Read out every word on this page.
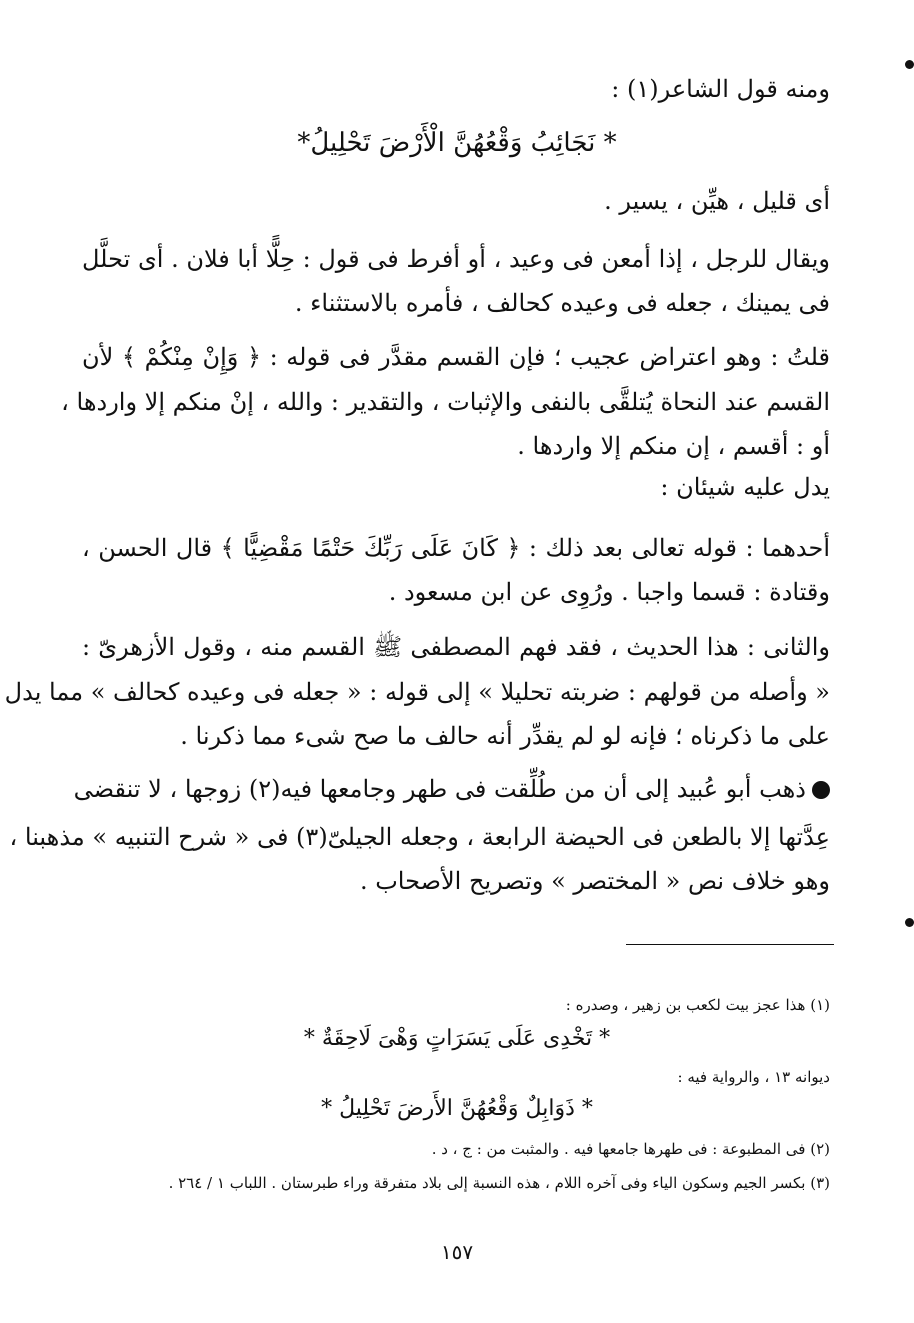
ومنه قول الشاعر(١) :
* نَجَائِبُ وَقْعُهُنَّ الْأَرْضَ تَحْلِيلُ*
أى قليل ، هيِّن ، يسير .
ويقال للرجل ، إذا أمعن فى وعيد ، أو أفرط فى قول : حِلًّا أبا فلان . أى تحلَّل
فى يمينك ، جعله فى وعيده كحالف ، فأمره بالاستثناء .
قلتُ : وهو اعتراض عجيب ؛ فإن القسم مقدَّر فى قوله : ﴿ وَإِنْ مِنْكُمْ ﴾ لأن
القسم عند النحاة يُتلقَّى بالنفى والإثبات ، والتقدير : والله ، إنْ منكم إلا واردها ،
أو : أقسم ، إن منكم إلا واردها .
يدل عليه شيئان :
أحدهما : قوله تعالى بعد ذلك : ﴿ كَانَ عَلَى رَبِّكَ حَتْمًا مَقْضِيًّا ﴾ قال الحسن ،
وقتادة : قسما واجبا . ورُوِى عن ابن مسعود .
والثانى : هذا الحديث ، فقد فهم المصطفى ﷺ القسم منه ، وقول الأزهرىّ :
« وأصله من قولهم : ضربته تحليلا » إلى قوله : « جعله فى وعيده كحالف » مما يدل
على ما ذكرناه ؛ فإنه لو لم يقدِّر أنه حالف ما صح شىء مما ذكرنا .
ذهب أبو عُبيد إلى أن من طُلِّقت فى طهر وجامعها فيه(٢) زوجها ، لا تنقضى
عِدَّتها إلا بالطعن فى الحيضة الرابعة ، وجعله الجيلىّ(٣) فى « شرح التنبيه » مذهبنا ،
وهو خلاف نص « المختصر » وتصريح الأصحاب .
(١) هذا عجز بيت لكعب بن زهير ، وصدره :
* تَخْدِى عَلَى يَسَرَاتٍ وَهْىَ لَاحِقَةٌ *
ديوانه ١٣ ، والرواية فيه :
* ذَوَابِلٌ وَقْعُهُنَّ الأَرضَ تَحْلِيلُ *
(٢) فى المطبوعة : فى طهرها جامعها فيه . والمثبت من : ج ، د .
(٣) بكسر الجيم وسكون الياء وفى آخره اللام ، هذه النسبة إلى بلاد متفرقة وراء طبرستان . اللباب ١ / ٢٦٤ .
١٥٧
